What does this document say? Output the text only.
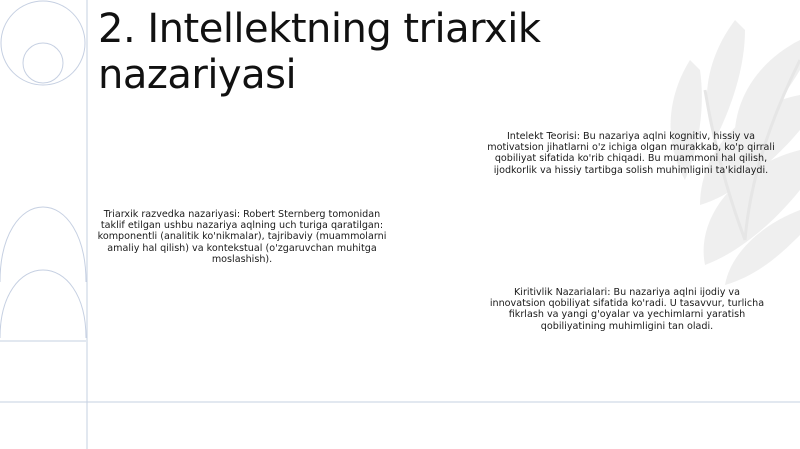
2. Intellektning triarxik nazariyasi

Triarxik razvedka nazariyasi: Robert Sternberg tomonidan taklif etilgan ushbu nazariya aqlning uch turiga qaratilgan: komponentli (analitik ko'nikmalar), tajribaviy (muammolarni amaliy hal qilish) va kontekstual (o'zgaruvchan muhitga moslashish).

Intelekt Teorisi: Bu nazariya aqlni kognitiv, hissiy va motivatsion jihatlarni o'z ichiga olgan murakkab, ko'p qirrali qobiliyat sifatida ko'rib chiqadi. Bu muammoni hal qilish, ijodkorlik va hissiy tartibga solish muhimligini ta'kidlaydi.

Kiritivlik Nazarialari: Bu nazariya aqlni ijodiy va innovatsion qobiliyat sifatida ko'radi. U tasavvur, turlicha fikrlash va yangi g'oyalar va yechimlarni yaratish qobiliyatining muhimligini tan oladi.
